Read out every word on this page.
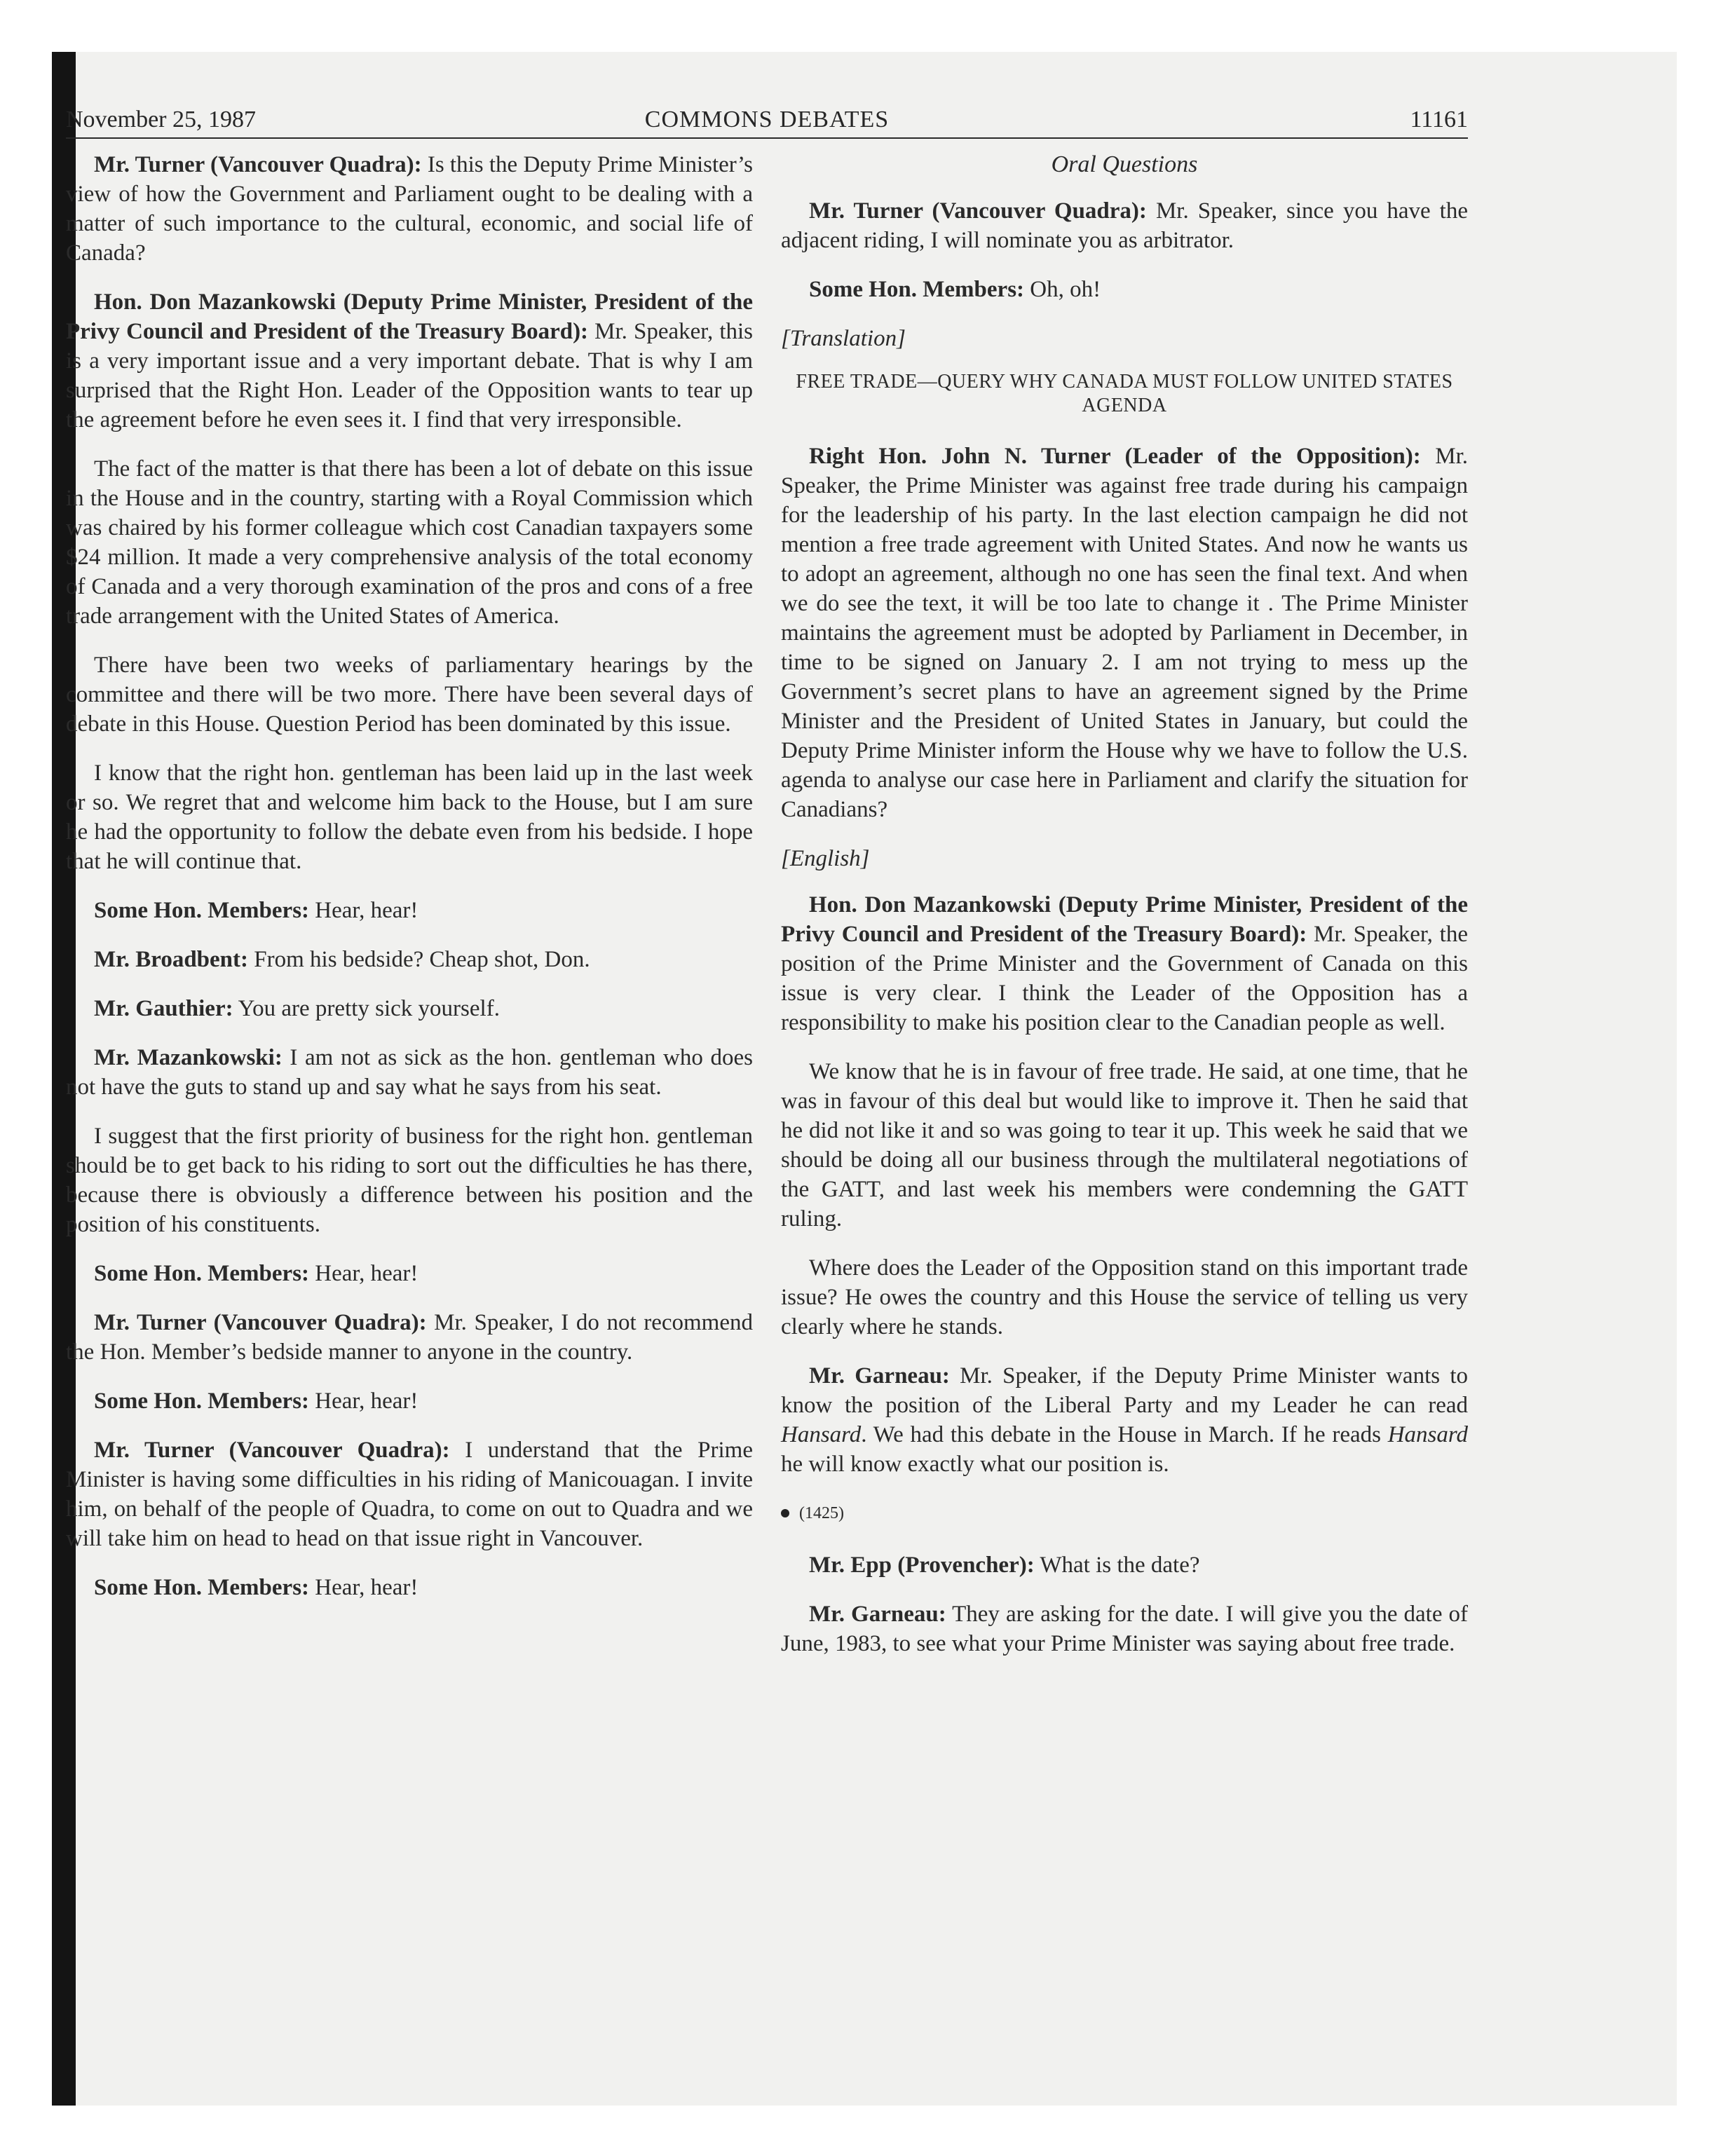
November 25, 1987	COMMONS DEBATES	11161

Mr. Turner (Vancouver Quadra): Is this the Deputy Prime Minister’s view of how the Government and Parliament ought to be dealing with a matter of such importance to the cultural, economic, and social life of Canada?

Hon. Don Mazankowski (Deputy Prime Minister, President of the Privy Council and President of the Treasury Board): Mr. Speaker, this is a very important issue and a very important debate. That is why I am surprised that the Right Hon. Leader of the Opposition wants to tear up the agreement before he even sees it. I find that very irresponsible.

The fact of the matter is that there has been a lot of debate on this issue in the House and in the country, starting with a Royal Commission which was chaired by his former colleague which cost Canadian taxpayers some $24 million. It made a very comprehensive analysis of the total economy of Canada and a very thorough examination of the pros and cons of a free trade arrangement with the United States of America.

There have been two weeks of parliamentary hearings by the committee and there will be two more. There have been several days of debate in this House. Question Period has been dominated by this issue.

I know that the right hon. gentleman has been laid up in the last week or so. We regret that and welcome him back to the House, but I am sure he had the opportunity to follow the debate even from his bedside. I hope that he will continue that.

Some Hon. Members: Hear, hear!

Mr. Broadbent: From his bedside? Cheap shot, Don.

Mr. Gauthier: You are pretty sick yourself.

Mr. Mazankowski: I am not as sick as the hon. gentleman who does not have the guts to stand up and say what he says from his seat.

I suggest that the first priority of business for the right hon. gentleman should be to get back to his riding to sort out the difficulties he has there, because there is obviously a difference between his position and the position of his constituents.

Some Hon. Members: Hear, hear!

Mr. Turner (Vancouver Quadra): Mr. Speaker, I do not recommend the Hon. Member’s bedside manner to anyone in the country.

Some Hon. Members: Hear, hear!

Mr. Turner (Vancouver Quadra): I understand that the Prime Minister is having some difficulties in his riding of Manicouagan. I invite him, on behalf of the people of Quadra, to come on out to Quadra and we will take him on head to head on that issue right in Vancouver.

Some Hon. Members: Hear, hear!

Oral Questions

Mr. Turner (Vancouver Quadra): Mr. Speaker, since you have the adjacent riding, I will nominate you as arbitrator.

Some Hon. Members: Oh, oh!

[Translation]
FREE TRADE—QUERY WHY CANADA MUST FOLLOW UNITED STATES AGENDA

Right Hon. John N. Turner (Leader of the Opposition): Mr. Speaker, the Prime Minister was against free trade during his campaign for the leadership of his party. In the last election campaign he did not mention a free trade agreement with United States. And now he wants us to adopt an agreement, although no one has seen the final text. And when we do see the text, it will be too late to change it . The Prime Minister maintains the agreement must be adopted by Parliament in December, in time to be signed on January 2. I am not trying to mess up the Government’s secret plans to have an agreement signed by the Prime Minister and the President of United States in January, but could the Deputy Prime Minister inform the House why we have to follow the U.S. agenda to analyse our case here in Parliament and clarify the situation for Canadians?

[English]

Hon. Don Mazankowski (Deputy Prime Minister, President of the Privy Council and President of the Treasury Board): Mr. Speaker, the position of the Prime Minister and the Government of Canada on this issue is very clear. I think the Leader of the Opposition has a responsibility to make his position clear to the Canadian people as well.

We know that he is in favour of free trade. He said, at one time, that he was in favour of this deal but would like to improve it. Then he said that he did not like it and so was going to tear it up. This week he said that we should be doing all our business through the multilateral negotiations of the GATT, and last week his members were condemning the GATT ruling.

Where does the Leader of the Opposition stand on this important trade issue? He owes the country and this House the service of telling us very clearly where he stands.

Mr. Garneau: Mr. Speaker, if the Deputy Prime Minister wants to know the position of the Liberal Party and my Leader he can read Hansard. We had this debate in the House in March. If he reads Hansard he will know exactly what our position is.

(1425)

Mr. Epp (Provencher): What is the date?

Mr. Garneau: They are asking for the date. I will give you the date of June, 1983, to see what your Prime Minister was saying about free trade.
